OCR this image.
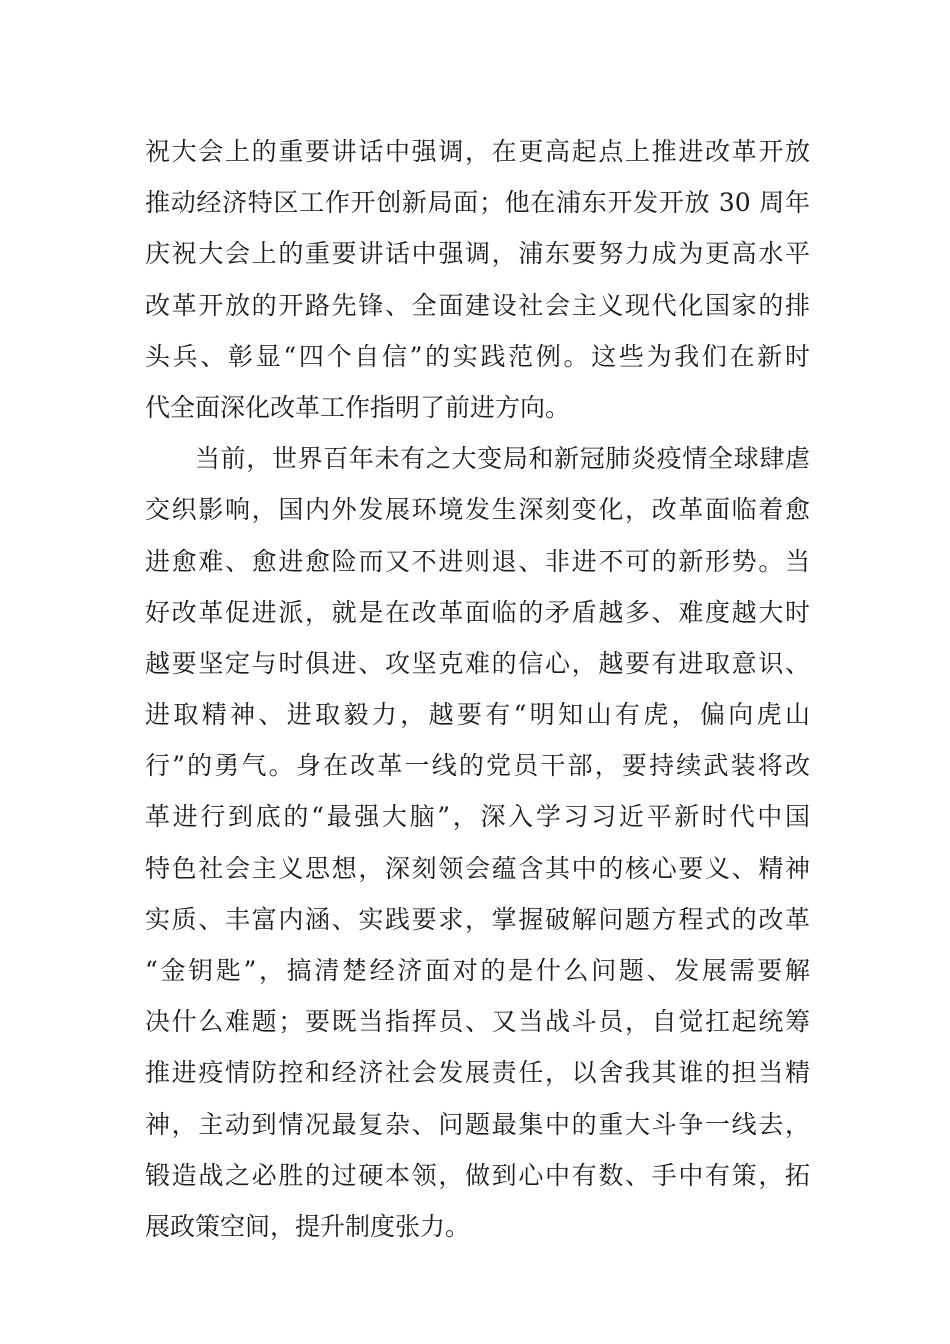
祝大会上的重要讲话中强调，在更高起点上推进改革开放
推动经济特区工作开创新局面；他在浦东开发开放 30 周年
庆祝大会上的重要讲话中强调，浦东要努力成为更高水平
改革开放的开路先锋、全面建设社会主义现代化国家的排
头兵、彰显“四个自信”的实践范例。这些为我们在新时
代全面深化改革工作指明了前进方向。
当前，世界百年未有之大变局和新冠肺炎疫情全球肆虐
交织影响，国内外发展环境发生深刻变化，改革面临着愈
进愈难、愈进愈险而又不进则退、非进不可的新形势。当
好改革促进派，就是在改革面临的矛盾越多、难度越大时
越要坚定与时俱进、攻坚克难的信心，越要有进取意识、
进取精神、进取毅力，越要有“明知山有虎，偏向虎山
行”的勇气。身在改革一线的党员干部，要持续武装将改
革进行到底的“最强大脑”，深入学习习近平新时代中国
特色社会主义思想，深刻领会蕴含其中的核心要义、精神
实质、丰富内涵、实践要求，掌握破解问题方程式的改革
“金钥匙”，搞清楚经济面对的是什么问题、发展需要解
决什么难题；要既当指挥员、又当战斗员，自觉扛起统筹
推进疫情防控和经济社会发展责任，以舍我其谁的担当精
神，主动到情况最复杂、问题最集中的重大斗争一线去，
锻造战之必胜的过硬本领，做到心中有数、手中有策，拓
展政策空间，提升制度张力。
